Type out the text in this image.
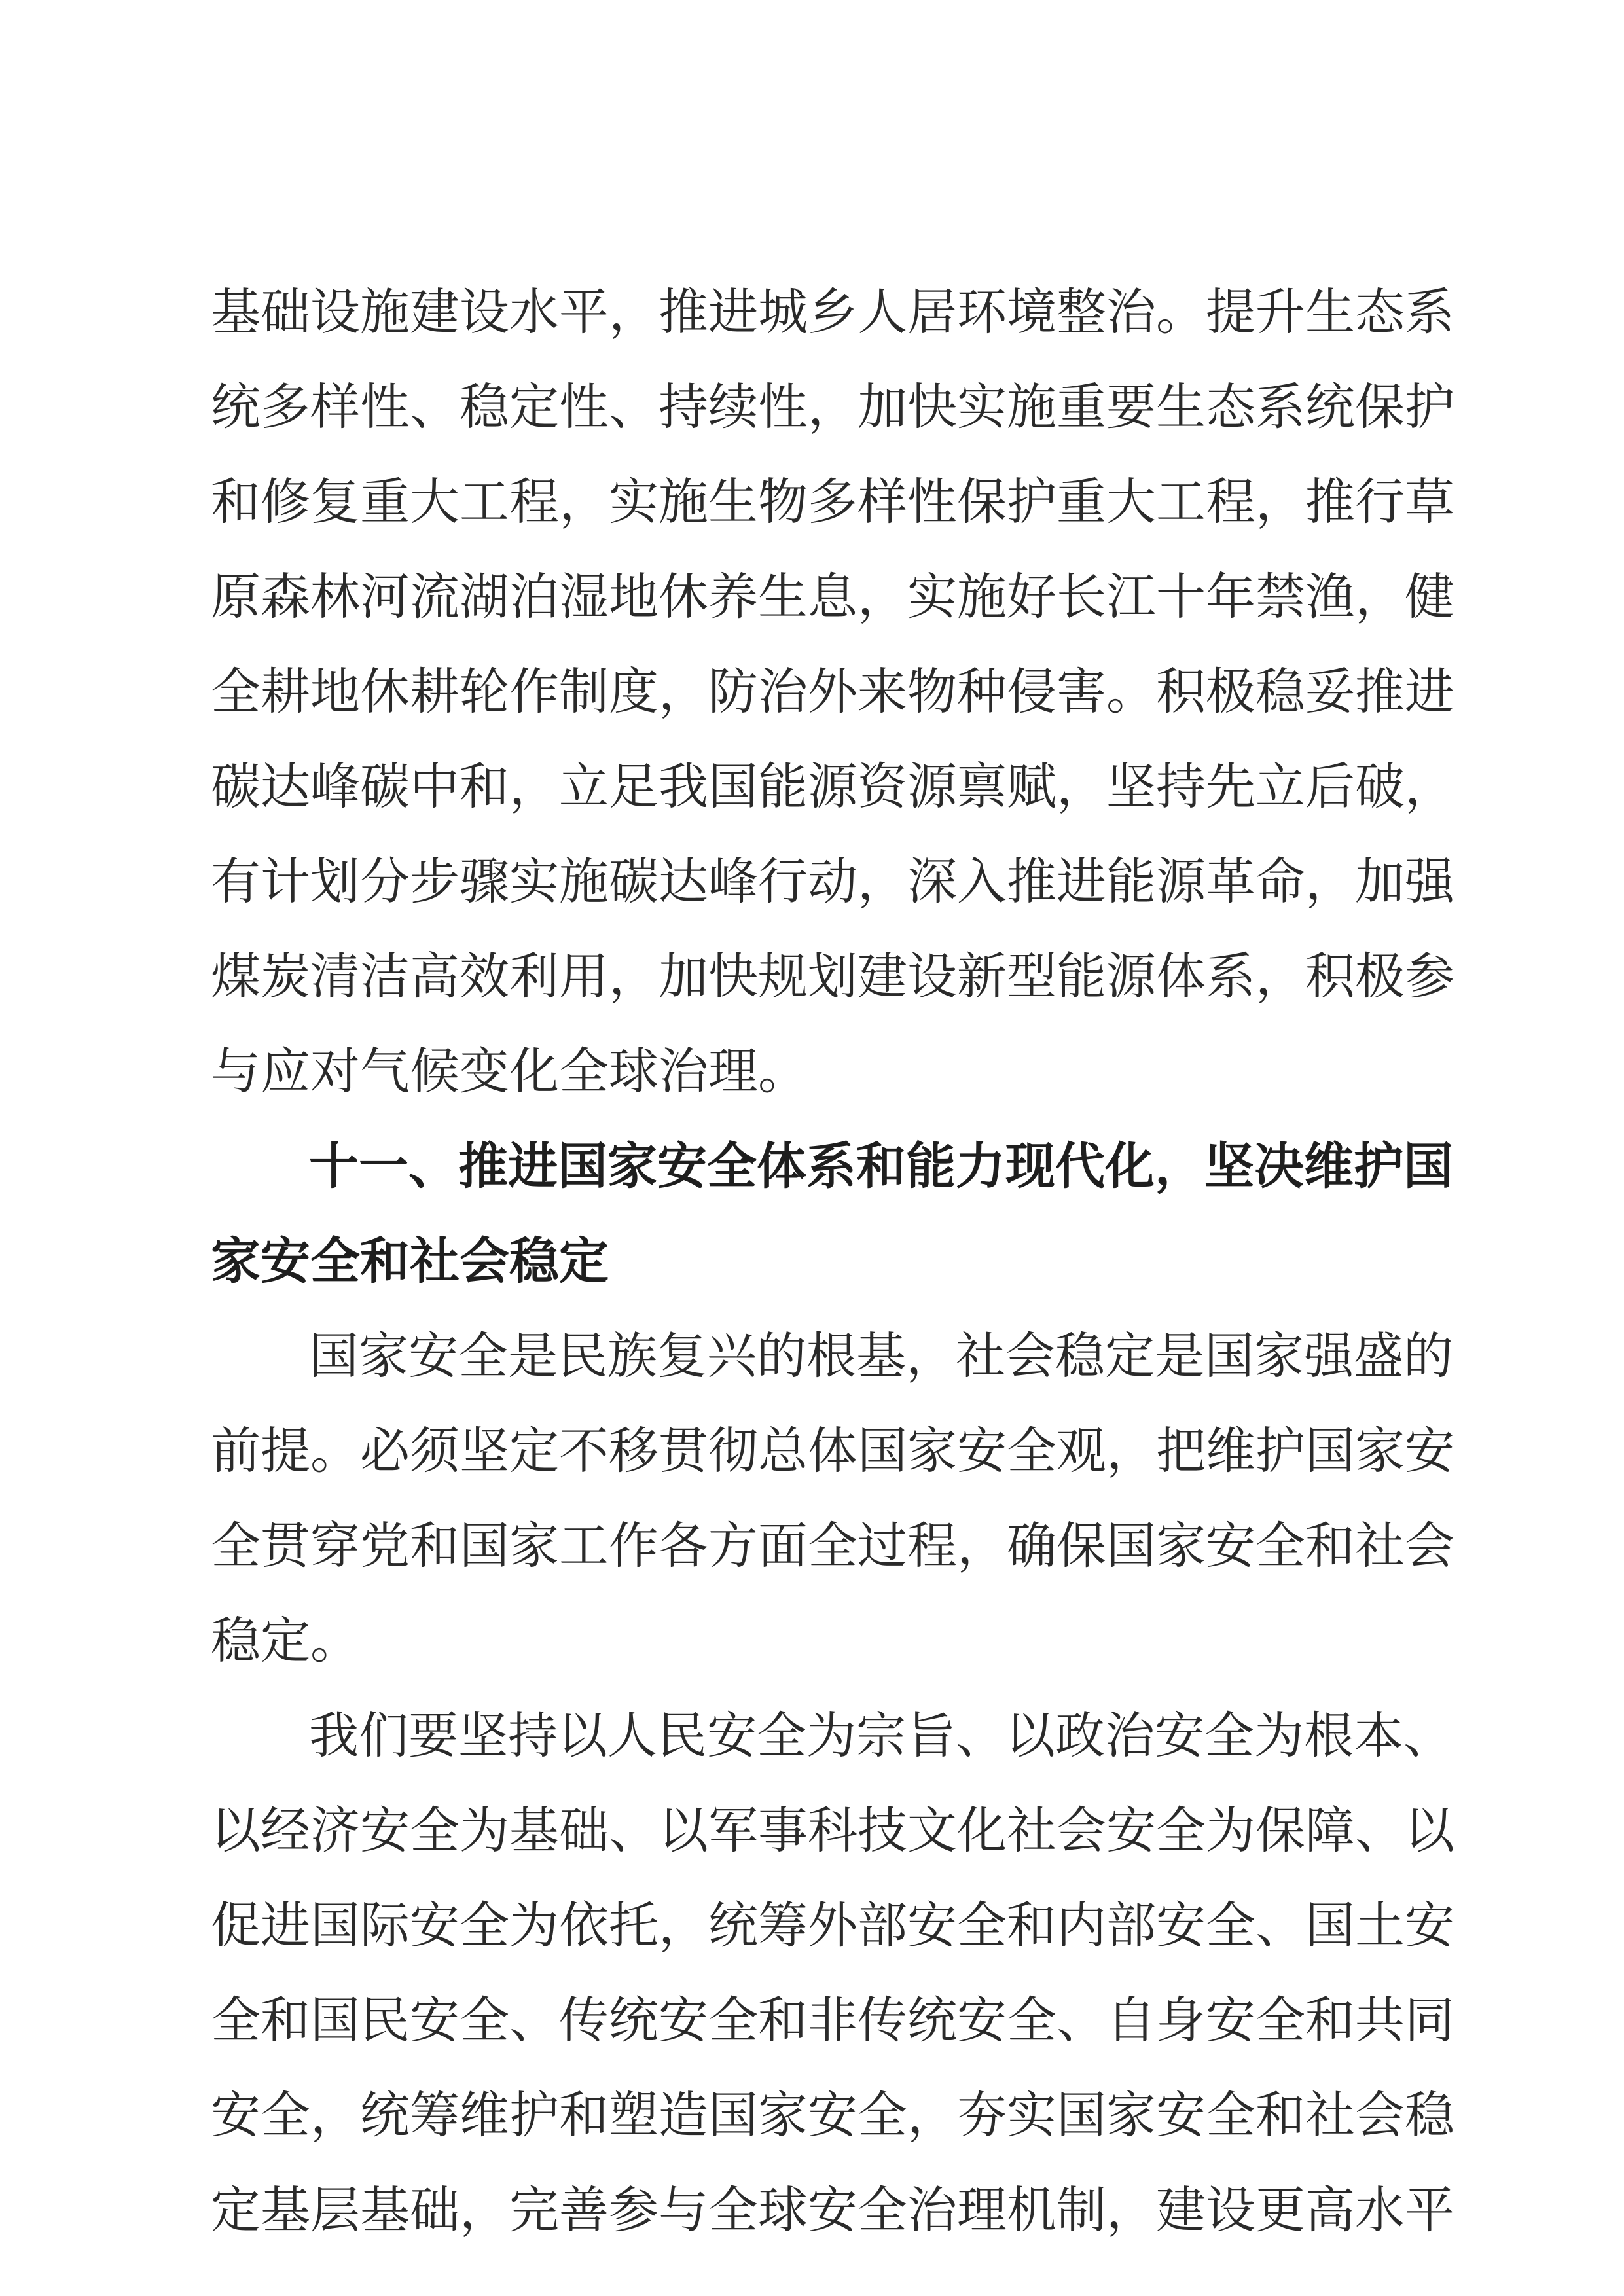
基础设施建设水平，推进城乡人居环境整治。提升生态系
统多样性、稳定性、持续性，加快实施重要生态系统保护
和修复重大工程，实施生物多样性保护重大工程，推行草
原森林河流湖泊湿地休养生息，实施好长江十年禁渔，健
全耕地休耕轮作制度，防治外来物种侵害。积极稳妥推进
碳达峰碳中和，立足我国能源资源禀赋，坚持先立后破，
有计划分步骤实施碳达峰行动，深入推进能源革命，加强
煤炭清洁高效利用，加快规划建设新型能源体系，积极参
与应对气候变化全球治理。
十一、推进国家安全体系和能力现代化，坚决维护国
家安全和社会稳定
国家安全是民族复兴的根基，社会稳定是国家强盛的
前提。必须坚定不移贯彻总体国家安全观，把维护国家安
全贯穿党和国家工作各方面全过程，确保国家安全和社会
稳定。
我们要坚持以人民安全为宗旨、以政治安全为根本、
以经济安全为基础、以军事科技文化社会安全为保障、以
促进国际安全为依托，统筹外部安全和内部安全、国土安
全和国民安全、传统安全和非传统安全、自身安全和共同
安全，统筹维护和塑造国家安全，夯实国家安全和社会稳
定基层基础，完善参与全球安全治理机制，建设更高水平
